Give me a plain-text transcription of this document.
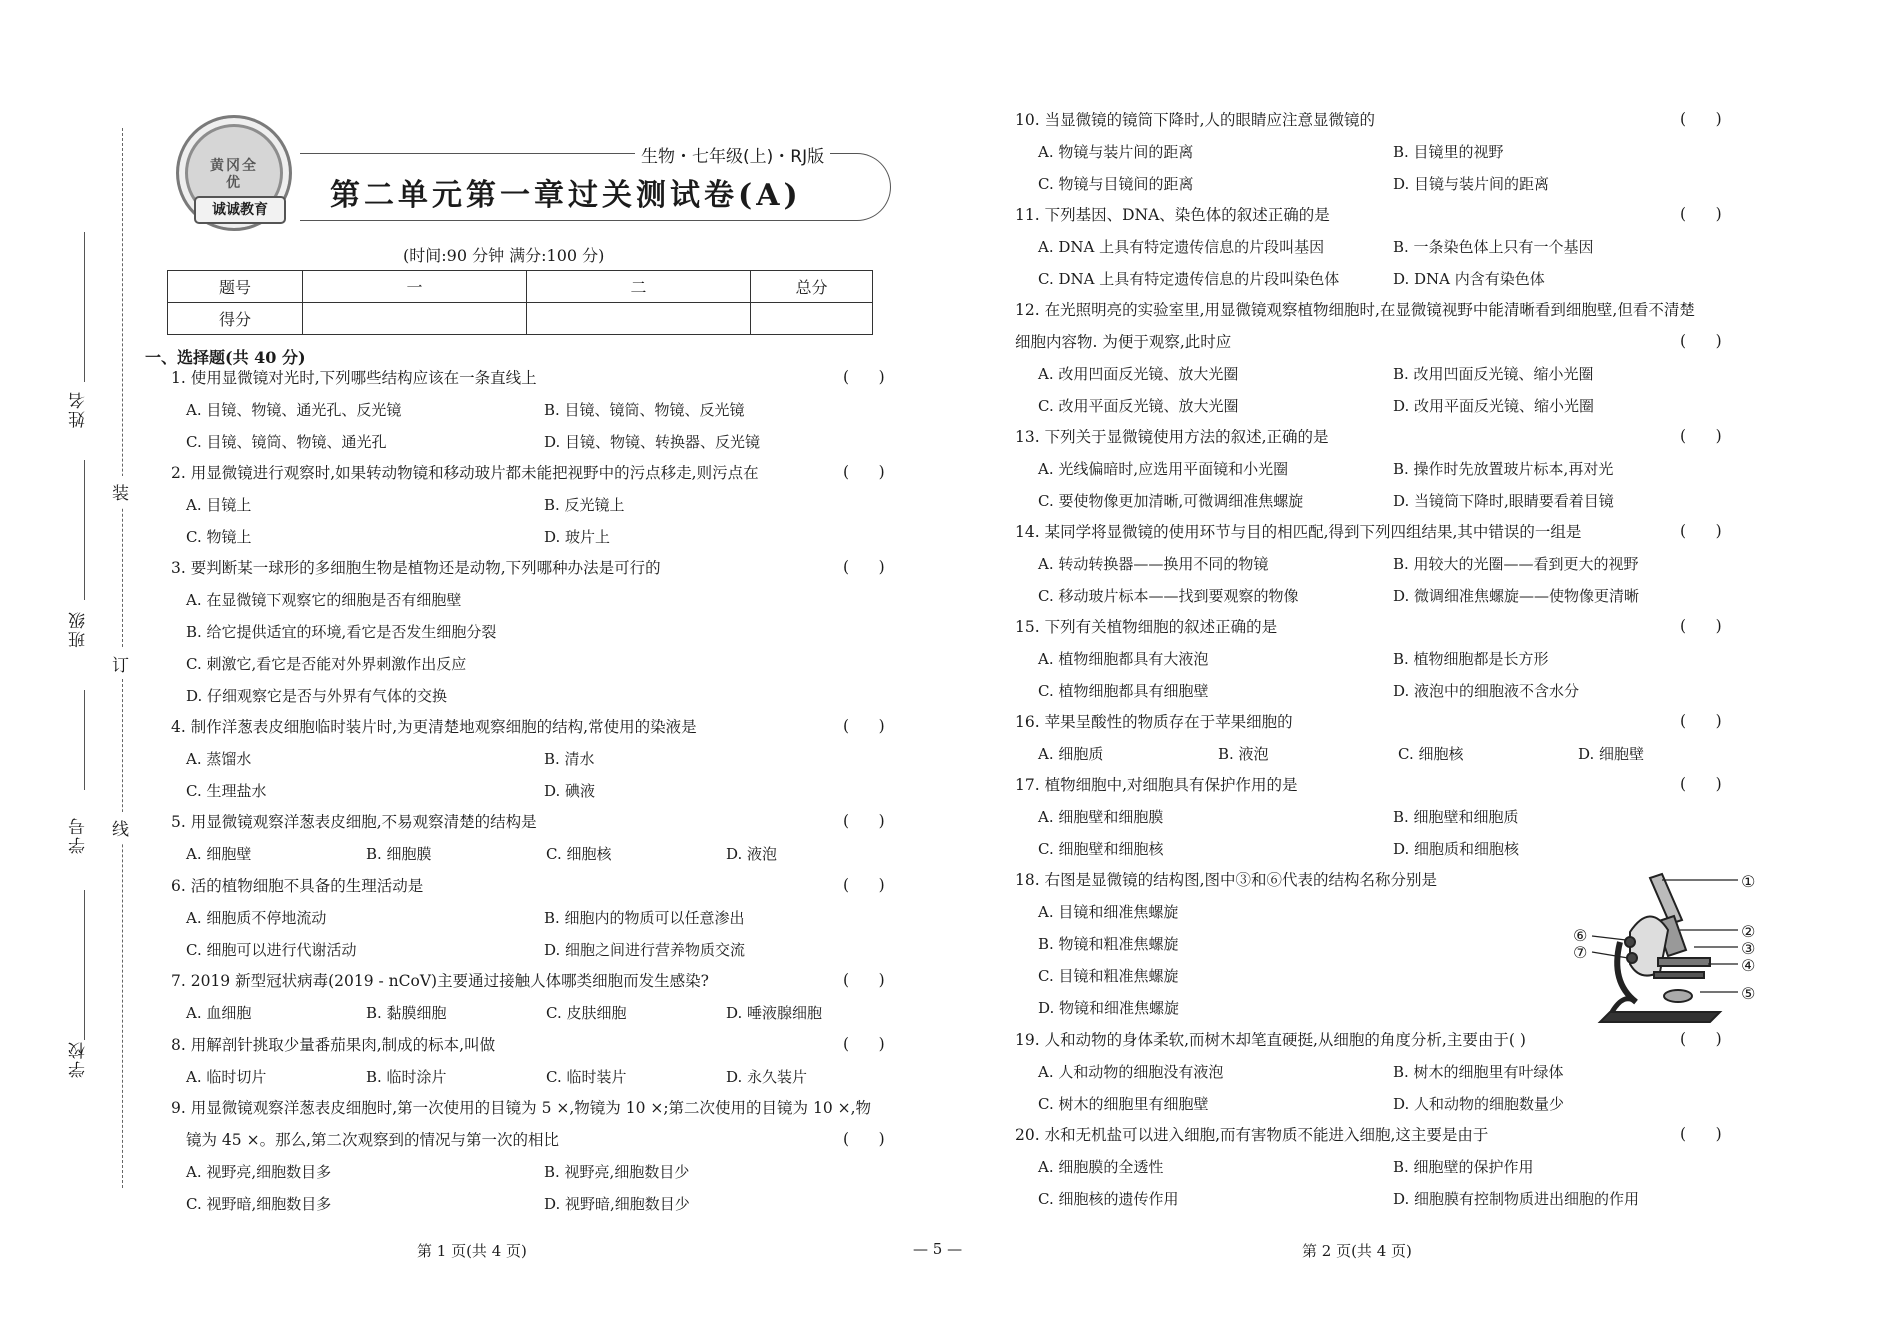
姓名
班级
学号
学校
装
订
线
黄冈全优
诚诚教育
生物・七年级(上)・RJ版
第二单元第一章过关测试卷(A)
(时间:90 分钟 满分:100 分)
题号	一	二	总分
得分			
一、选择题(共 40 分)
1. 使用显微镜对光时,下列哪些结构应该在一条直线上	(      )
A. 目镜、物镜、通光孔、反光镜	B. 目镜、镜筒、物镜、反光镜
C. 目镜、镜筒、物镜、通光孔	D. 目镜、物镜、转换器、反光镜
2. 用显微镜进行观察时,如果转动物镜和移动玻片都未能把视野中的污点移走,则污点在	(      )
A. 目镜上	B. 反光镜上
C. 物镜上	D. 玻片上
3. 要判断某一球形的多细胞生物是植物还是动物,下列哪种办法是可行的	(      )
A. 在显微镜下观察它的细胞是否有细胞壁
B. 给它提供适宜的环境,看它是否发生细胞分裂
C. 刺激它,看它是否能对外界刺激作出反应
D. 仔细观察它是否与外界有气体的交换
4. 制作洋葱表皮细胞临时装片时,为更清楚地观察细胞的结构,常使用的染液是	(      )
A. 蒸馏水	B. 清水
C. 生理盐水	D. 碘液
5. 用显微镜观察洋葱表皮细胞,不易观察清楚的结构是	(      )
A. 细胞壁	B. 细胞膜	C. 细胞核	D. 液泡
6. 活的植物细胞不具备的生理活动是	(      )
A. 细胞质不停地流动	B. 细胞内的物质可以任意渗出
C. 细胞可以进行代谢活动	D. 细胞之间进行营养物质交流
7. 2019 新型冠状病毒(2019 - nCoV)主要通过接触人体哪类细胞而发生感染?	(      )
A. 血细胞	B. 黏膜细胞	C. 皮肤细胞	D. 唾液腺细胞
8. 用解剖针挑取少量番茄果肉,制成的标本,叫做	(      )
A. 临时切片	B. 临时涂片	C. 临时装片	D. 永久装片
9. 用显微镜观察洋葱表皮细胞时,第一次使用的目镜为 5 ×,物镜为 10 ×;第二次使用的目镜为 10 ×,物
镜为 45 ×。那么,第二次观察到的情况与第一次的相比	(      )
A. 视野亮,细胞数目多	B. 视野亮,细胞数目少
C. 视野暗,细胞数目多	D. 视野暗,细胞数目少
10. 当显微镜的镜筒下降时,人的眼睛应注意显微镜的	(      )
A. 物镜与装片间的距离	B. 目镜里的视野
C. 物镜与目镜间的距离	D. 目镜与装片间的距离
11. 下列基因、DNA、染色体的叙述正确的是	(      )
A. DNA 上具有特定遗传信息的片段叫基因	B. 一条染色体上只有一个基因
C. DNA 上具有特定遗传信息的片段叫染色体	D. DNA 内含有染色体
12. 在光照明亮的实验室里,用显微镜观察植物细胞时,在显微镜视野中能清晰看到细胞壁,但看不清楚
细胞内容物. 为便于观察,此时应	(      )
A. 改用凹面反光镜、放大光圈	B. 改用凹面反光镜、缩小光圈
C. 改用平面反光镜、放大光圈	D. 改用平面反光镜、缩小光圈
13. 下列关于显微镜使用方法的叙述,正确的是	(      )
A. 光线偏暗时,应选用平面镜和小光圈	B. 操作时先放置玻片标本,再对光
C. 要使物像更加清晰,可微调细准焦螺旋	D. 当镜筒下降时,眼睛要看着目镜
14. 某同学将显微镜的使用环节与目的相匹配,得到下列四组结果,其中错误的一组是	(      )
A. 转动转换器——换用不同的物镜	B. 用较大的光圈——看到更大的视野
C. 移动玻片标本——找到要观察的物像	D. 微调细准焦螺旋——使物像更清晰
15. 下列有关植物细胞的叙述正确的是	(      )
A. 植物细胞都具有大液泡	B. 植物细胞都是长方形
C. 植物细胞都具有细胞壁	D. 液泡中的细胞液不含水分
16. 苹果呈酸性的物质存在于苹果细胞的	(      )
A. 细胞质	B. 液泡	C. 细胞核	D. 细胞壁
17. 植物细胞中,对细胞具有保护作用的是	(      )
A. 细胞壁和细胞膜	B. 细胞壁和细胞质
C. 细胞壁和细胞核	D. 细胞质和细胞核
18. 右图是显微镜的结构图,图中③和⑥代表的结构名称分别是
A. 目镜和细准焦螺旋
B. 物镜和粗准焦螺旋
C. 目镜和粗准焦螺旋
D. 物镜和细准焦螺旋
19. 人和动物的身体柔软,而树木却笔直硬挺,从细胞的角度分析,主要由于( )	(      )
A. 人和动物的细胞没有液泡	B. 树木的细胞里有叶绿体
C. 树木的细胞里有细胞壁	D. 人和动物的细胞数量少
20. 水和无机盐可以进入细胞,而有害物质不能进入细胞,这主要是由于	(      )
A. 细胞膜的全透性	B. 细胞壁的保护作用
C. 细胞核的遗传作用	D. 细胞膜有控制物质进出细胞的作用
①
②
③
④
⑤
⑥
⑦
第 1 页(共 4 页)	— 5 —	第 2 页(共 4 页)
